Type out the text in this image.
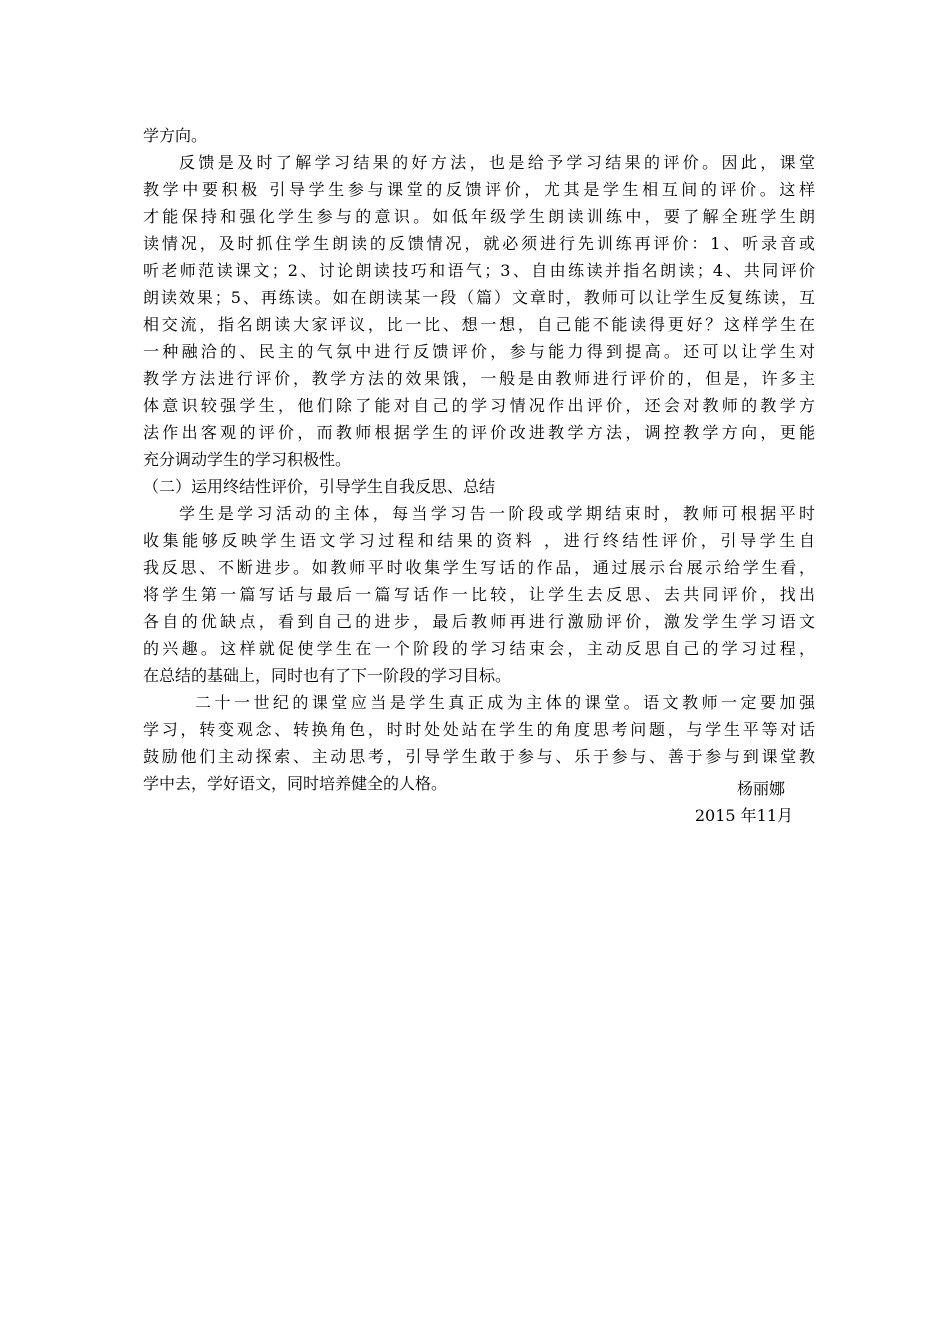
学方向。
反馈是及时了解学习结果的好方法，也是给予学习结果的评价。因此，课堂
教学中要积极 引导学生参与课堂的反馈评价，尤其是学生相互间的评价。这样
才能保持和强化学生参与的意识。如低年级学生朗读训练中，要了解全班学生朗
读情况，及时抓住学生朗读的反馈情况，就必须进行先训练再评价：1、听录音或
听老师范读课文；2、讨论朗读技巧和语气；3、自由练读并指名朗读；4、共同评价
朗读效果；5、再练读。如在朗读某一段（篇）文章时，教师可以让学生反复练读，互
相交流，指名朗读大家评议，比一比、想一想，自己能不能读得更好？这样学生在
一种融洽的、民主的气氛中进行反馈评价，参与能力得到提高。还可以让学生对
教学方法进行评价，教学方法的效果饿，一般是由教师进行评价的，但是，许多主
体意识较强学生，他们除了能对自己的学习情况作出评价，还会对教师的教学方
法作出客观的评价，而教师根据学生的评价改进教学方法，调控教学方向，更能
充分调动学生的学习积极性。
（二）运用终结性评价，引导学生自我反思、总结
学生是学习活动的主体，每当学习告一阶段或学期结束时，教师可根据平时
收集能够反映学生语文学习过程和结果的资料 ，进行终结性评价，引导学生自
我反思、不断进步。如教师平时收集学生写话的作品，通过展示台展示给学生看，
将学生第一篇写话与最后一篇写话作一比较，让学生去反思、去共同评价，找出
各自的优缺点，看到自己的进步，最后教师再进行激励评价，激发学生学习语文
的兴趣。这样就促使学生在一个阶段的学习结束会，主动反思自己的学习过程，
在总结的基础上，同时也有了下一阶段的学习目标。
二十一世纪的课堂应当是学生真正成为主体的课堂。语文教师一定要加强
学习，转变观念、转换角色，时时处处站在学生的角度思考问题，与学生平等对话
鼓励他们主动探索、主动思考，引导学生敢于参与、乐于参与、善于参与到课堂教
学中去，学好语文，同时培养健全的人格。	杨丽娜
2015 年11月
